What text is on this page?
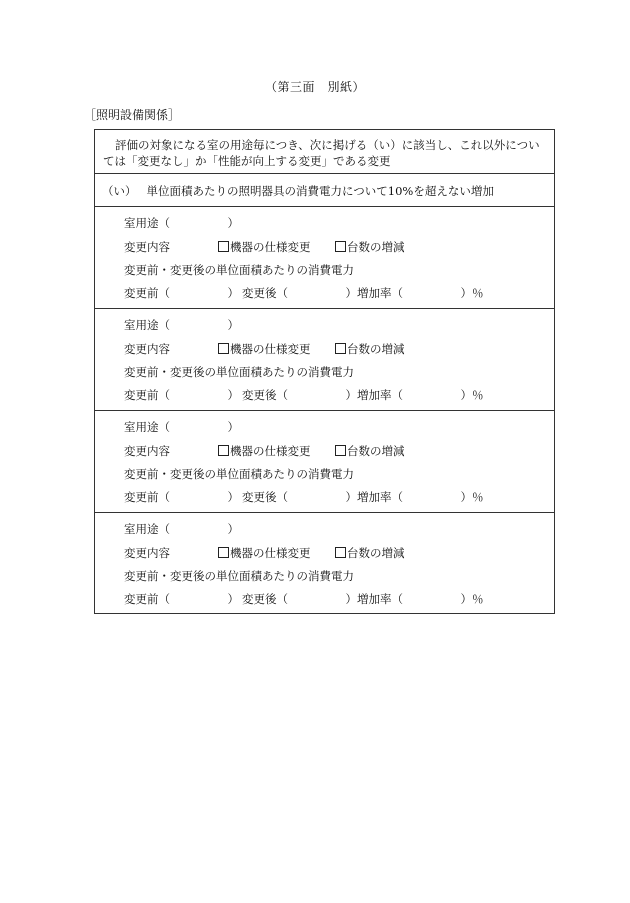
（第三面　別紙）
［照明設備関係］
評価の対象になる室の用途毎につき、次に掲げる（い）に該当し、これ以外については「変更なし」か「性能が向上する変更」である変更
（い） 単位面積あたりの照明器具の消費電力について10%を超えない増加
室用途（　　　　　）
変更内容	機器の仕様変更	台数の増減
変更前・変更後の単位面積あたりの消費電力
変更前（　　　　　） 変更後（　　　　　） 増加率（　　　　　）％
室用途（　　　　　）
変更内容	機器の仕様変更	台数の増減
変更前・変更後の単位面積あたりの消費電力
変更前（　　　　　） 変更後（　　　　　） 増加率（　　　　　）％
室用途（　　　　　）
変更内容	機器の仕様変更	台数の増減
変更前・変更後の単位面積あたりの消費電力
変更前（　　　　　） 変更後（　　　　　） 増加率（　　　　　）％
室用途（　　　　　）
変更内容	機器の仕様変更	台数の増減
変更前・変更後の単位面積あたりの消費電力
変更前（　　　　　） 変更後（　　　　　） 増加率（　　　　　）％
